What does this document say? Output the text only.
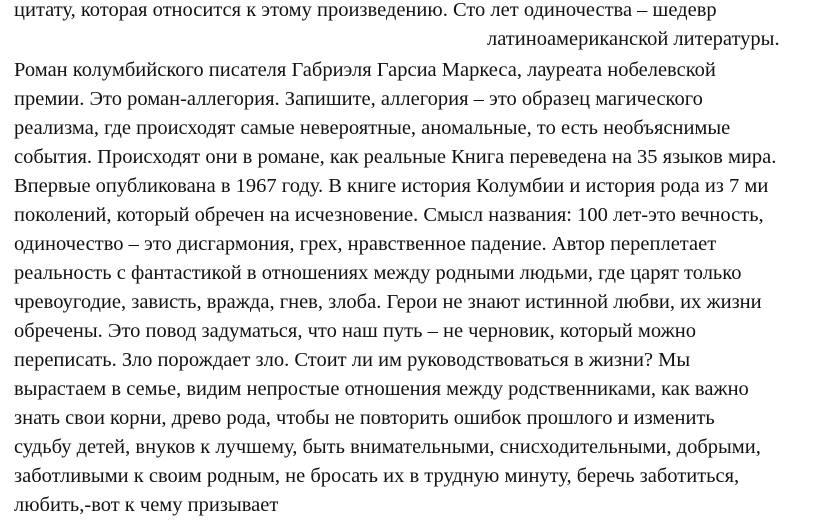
цитату, которая относится к этому произведению. Сто лет одиночества – шедевр
латиноамериканской литературы.
Роман колумбийского писателя Габриэля Гарсиа Маркеса, лауреата нобелевской
премии. Это роман-аллегория. Запишите, аллегория – это образец магического
реализма, где происходят самые невероятные, аномальные, то есть необъяснимые
события. Происходят они в романе, как реальные Книга переведена на 35 языков мира.
Впервые опубликована в 1967 году. В книге история Колумбии и история рода из 7 ми
поколений, который обречен на исчезновение. Смысл названия: 100 лет-это вечность,
одиночество – это дисгармония, грех, нравственное падение. Автор переплетает
реальность с фантастикой в отношениях между родными людьми, где царят только
чревоугодие, зависть, вражда, гнев, злоба. Герои не знают истинной любви, их жизни
обречены. Это повод задуматься, что наш путь – не черновик, который можно
переписать. Зло порождает зло. Стоит ли им руководствоваться в жизни? Мы
вырастаем в семье, видим непростые отношения между родственниками, как важно
знать свои корни, древо рода, чтобы не повторить ошибок прошлого и изменить
судьбу детей, внуков к лучшему, быть внимательными, снисходительными, добрыми,
заботливыми к своим родным, не бросать их в трудную минуту, беречь заботиться,
любить,-вот к чему призывает
